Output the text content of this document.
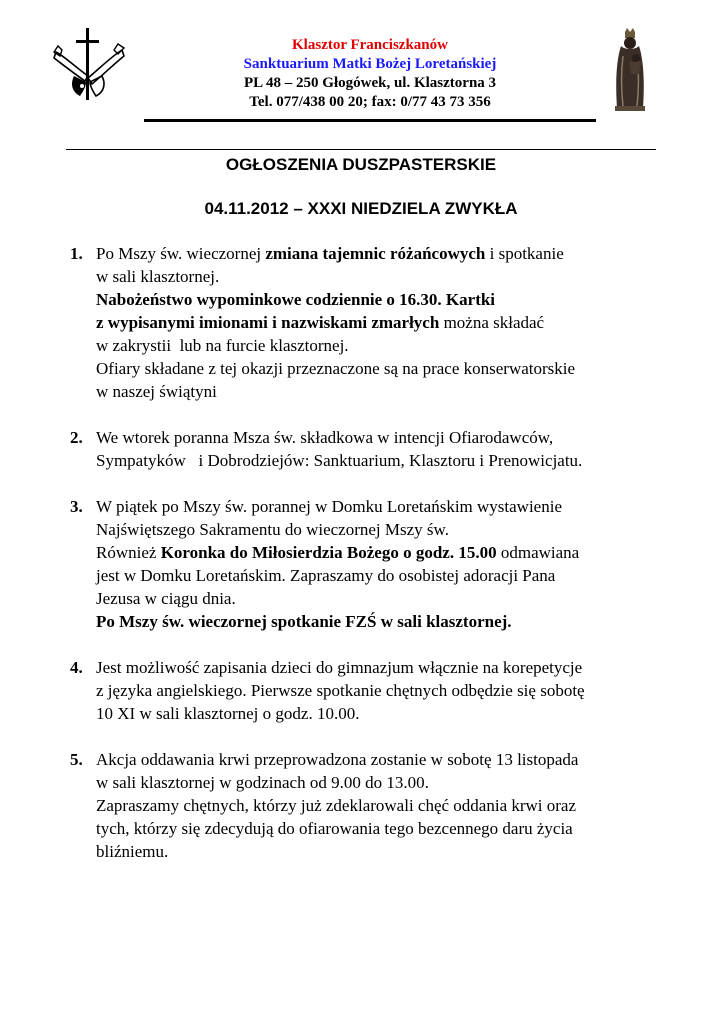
Klasztor Franciszkanów
Sanktuarium Matki Bożej Loretańskiej
PL 48 – 250 Głogówek, ul. Klasztorna 3
Tel. 077/438 00 20; fax: 0/77 43 73 356
OGŁOSZENIA DUSZPASTERSKIE
04.11.2012 – XXXI NIEDZIELA ZWYKŁA
1. Po Mszy św. wieczornej zmiana tajemnic różańcowych i spotkanie
w sali klasztornej.
Nabożeństwo wypominkowe codziennie o 16.30. Kartki
z wypisanymi imionami i nazwiskami zmarłych można składać
w zakrystii  lub na furcie klasztornej.
Ofiary składane z tej okazji przeznaczone są na prace konserwatorskie
w naszej świątyni
2. We wtorek poranna Msza św. składkowa w intencji Ofiarodawców,
Sympatyków   i Dobrodziejów: Sanktuarium, Klasztoru i Prenowicjatu.
3. W piątek po Mszy św. porannej w Domku Loretańskim wystawienie
Najświętszego Sakramentu do wieczornej Mszy św.
Również Koronka do Miłosierdzia Bożego o godz. 15.00 odmawiana
jest w Domku Loretańskim. Zapraszamy do osobistej adoracji Pana
Jezusa w ciągu dnia.
Po Mszy św. wieczornej spotkanie FZŚ w sali klasztornej.
4. Jest możliwość zapisania dzieci do gimnazjum włącznie na korepetycje
z języka angielskiego. Pierwsze spotkanie chętnych odbędzie się sobotę
10 XI w sali klasztornej o godz. 10.00.
5. Akcja oddawania krwi przeprowadzona zostanie w sobotę 13 listopada
w sali klasztornej w godzinach od 9.00 do 13.00.
Zapraszamy chętnych, którzy już zdeklarowali chęć oddania krwi oraz
tych, którzy się zdecydują do ofiarowania tego bezcennego daru życia
bliźniemu.
